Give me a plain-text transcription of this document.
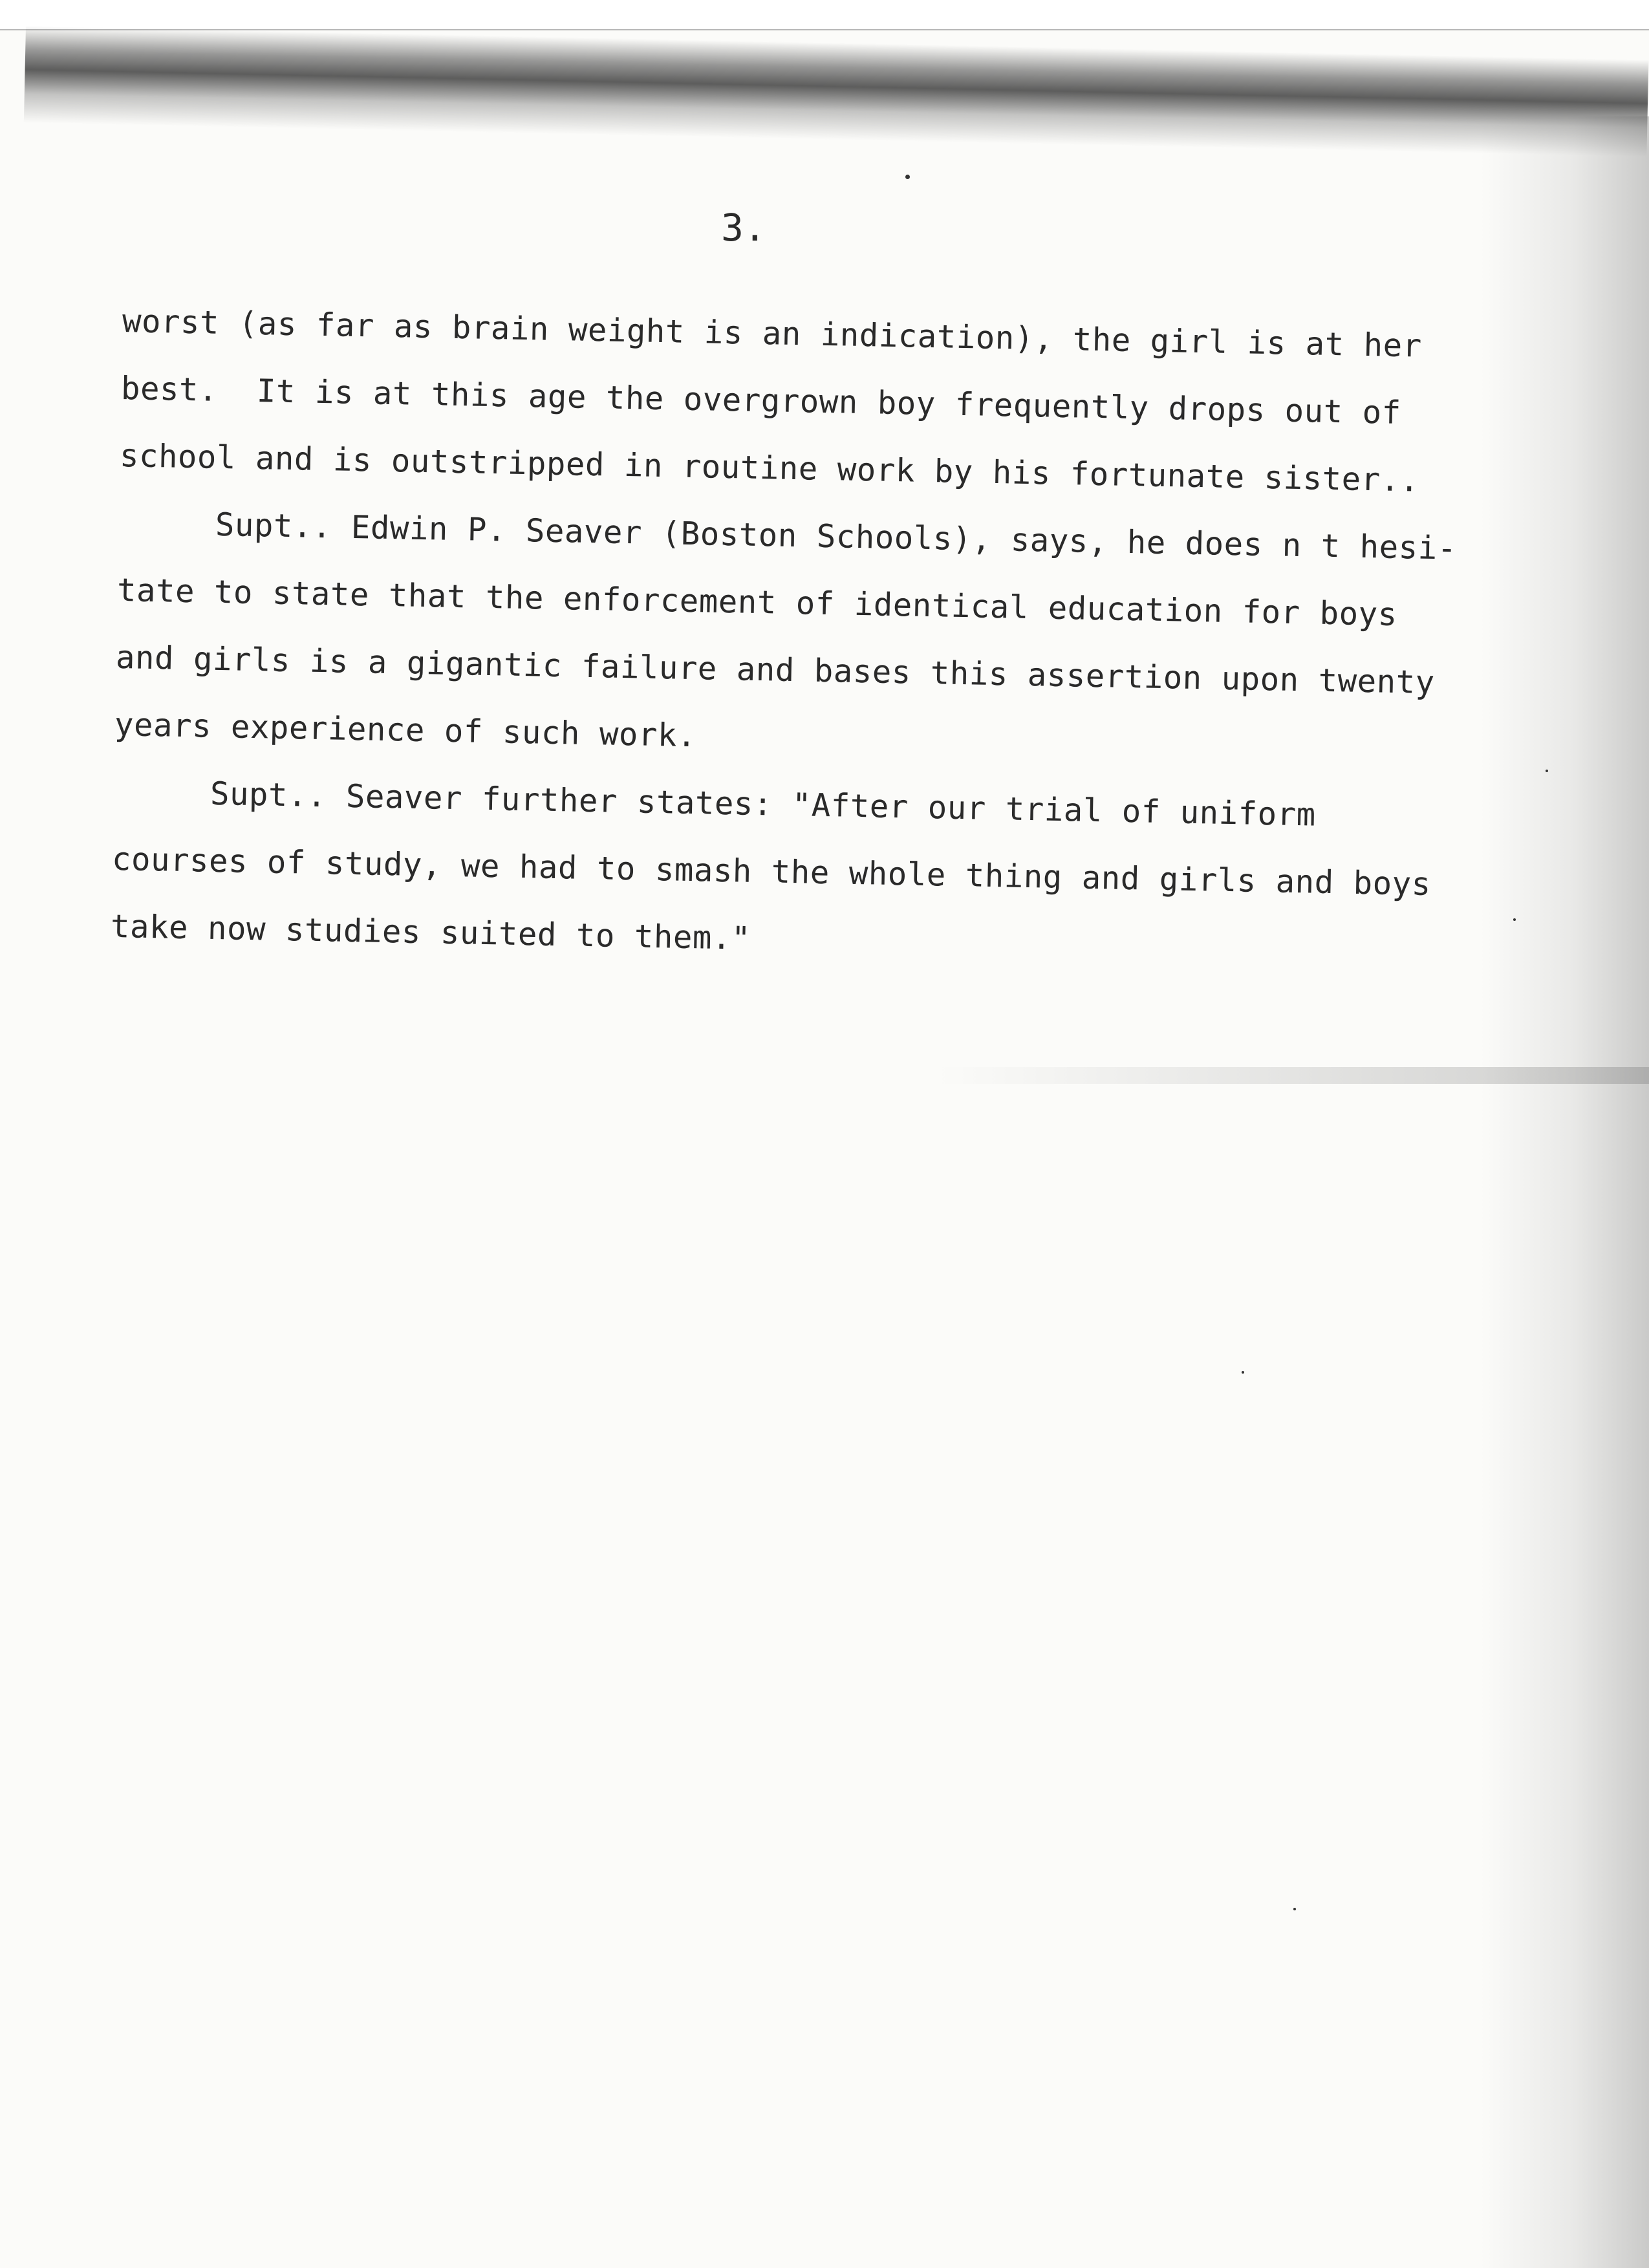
3.
worst (as far as brain weight is an indication), the girl is at her
best.  It is at this age the overgrown boy frequently drops out of
school and is outstripped in routine work by his fortunate sister..
Supt.. Edwin P. Seaver (Boston Schools), says, he does n t hesi-
tate to state that the enforcement of identical education for boys
and girls is a gigantic failure and bases this assertion upon twenty
years experience of such work.
Supt.. Seaver further states: "After our trial of uniform
courses of study, we had to smash the whole thing and girls and boys
take now studies suited to them."
